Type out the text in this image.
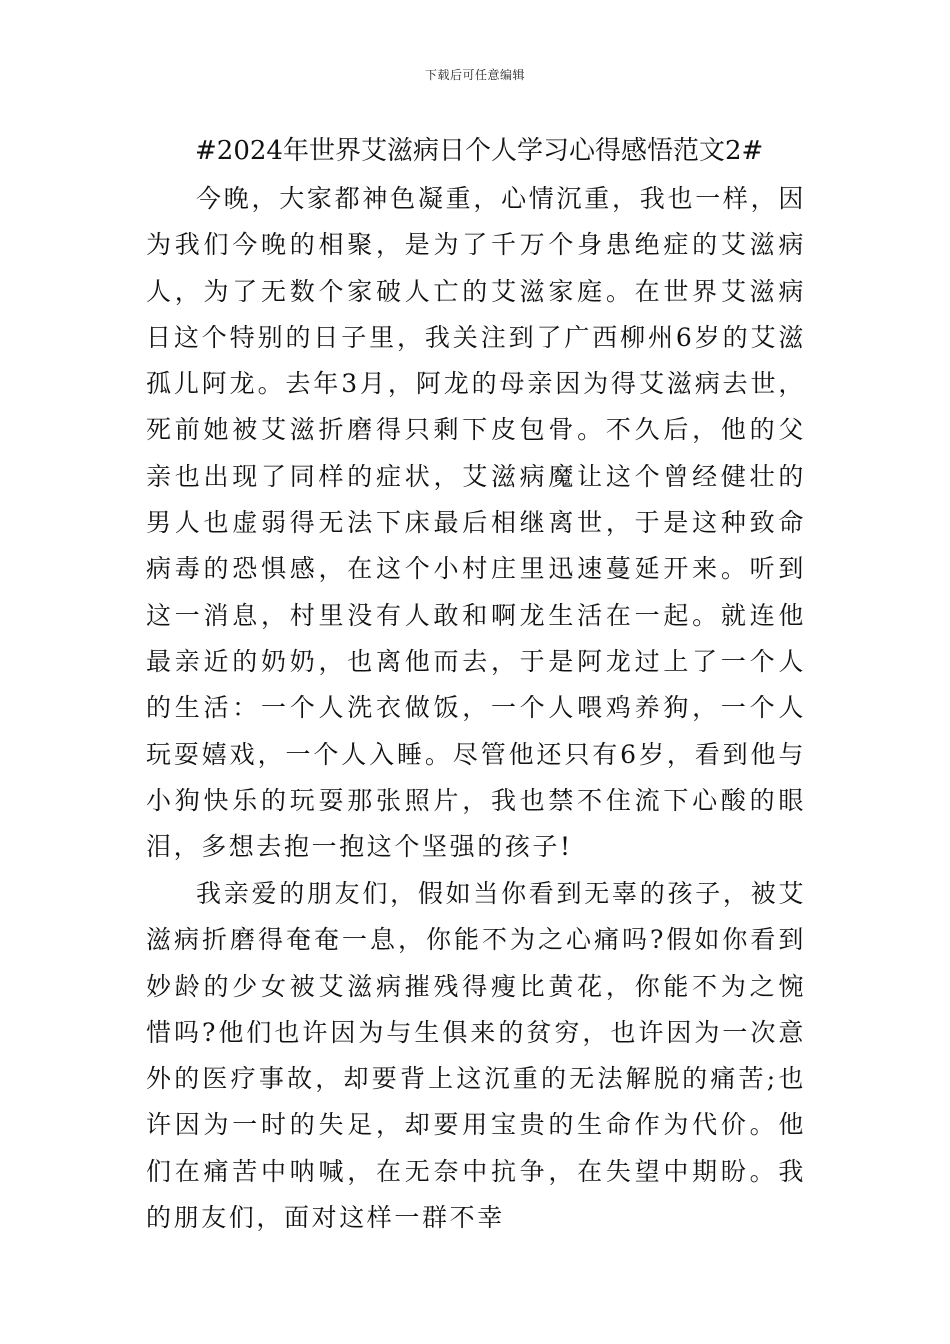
下载后可任意编辑
#2024年世界艾滋病日个人学习心得感悟范文2#

今晚，大家都神色凝重，心情沉重，我也一样，因为我们今晚的相聚，是为了千万个身患绝症的艾滋病人，为了无数个家破人亡的艾滋家庭。在世界艾滋病日这个特别的日子里，我关注到了广西柳州6岁的艾滋孤儿阿龙。去年3月，阿龙的母亲因为得艾滋病去世，死前她被艾滋折磨得只剩下皮包骨。不久后，他的父亲也出现了同样的症状，艾滋病魔让这个曾经健壮的男人也虚弱得无法下床最后相继离世，于是这种致命病毒的恐惧感，在这个小村庄里迅速蔓延开来。听到这一消息，村里没有人敢和啊龙生活在一起。就连他最亲近的奶奶，也离他而去，于是阿龙过上了一个人的生活：一个人洗衣做饭，一个人喂鸡养狗，一个人玩耍嬉戏，一个人入睡。尽管他还只有6岁，看到他与小狗快乐的玩耍那张照片，我也禁不住流下心酸的眼泪，多想去抱一抱这个坚强的孩子!

我亲爱的朋友们，假如当你看到无辜的孩子，被艾滋病折磨得奄奄一息，你能不为之心痛吗?假如你看到妙龄的少女被艾滋病摧残得瘦比黄花，你能不为之惋惜吗?他们也许因为与生俱来的贫穷，也许因为一次意外的医疗事故，却要背上这沉重的无法解脱的痛苦;也许因为一时的失足，却要用宝贵的生命作为代价。他们在痛苦中呐喊，在无奈中抗争，在失望中期盼。我的朋友们，面对这样一群不幸
